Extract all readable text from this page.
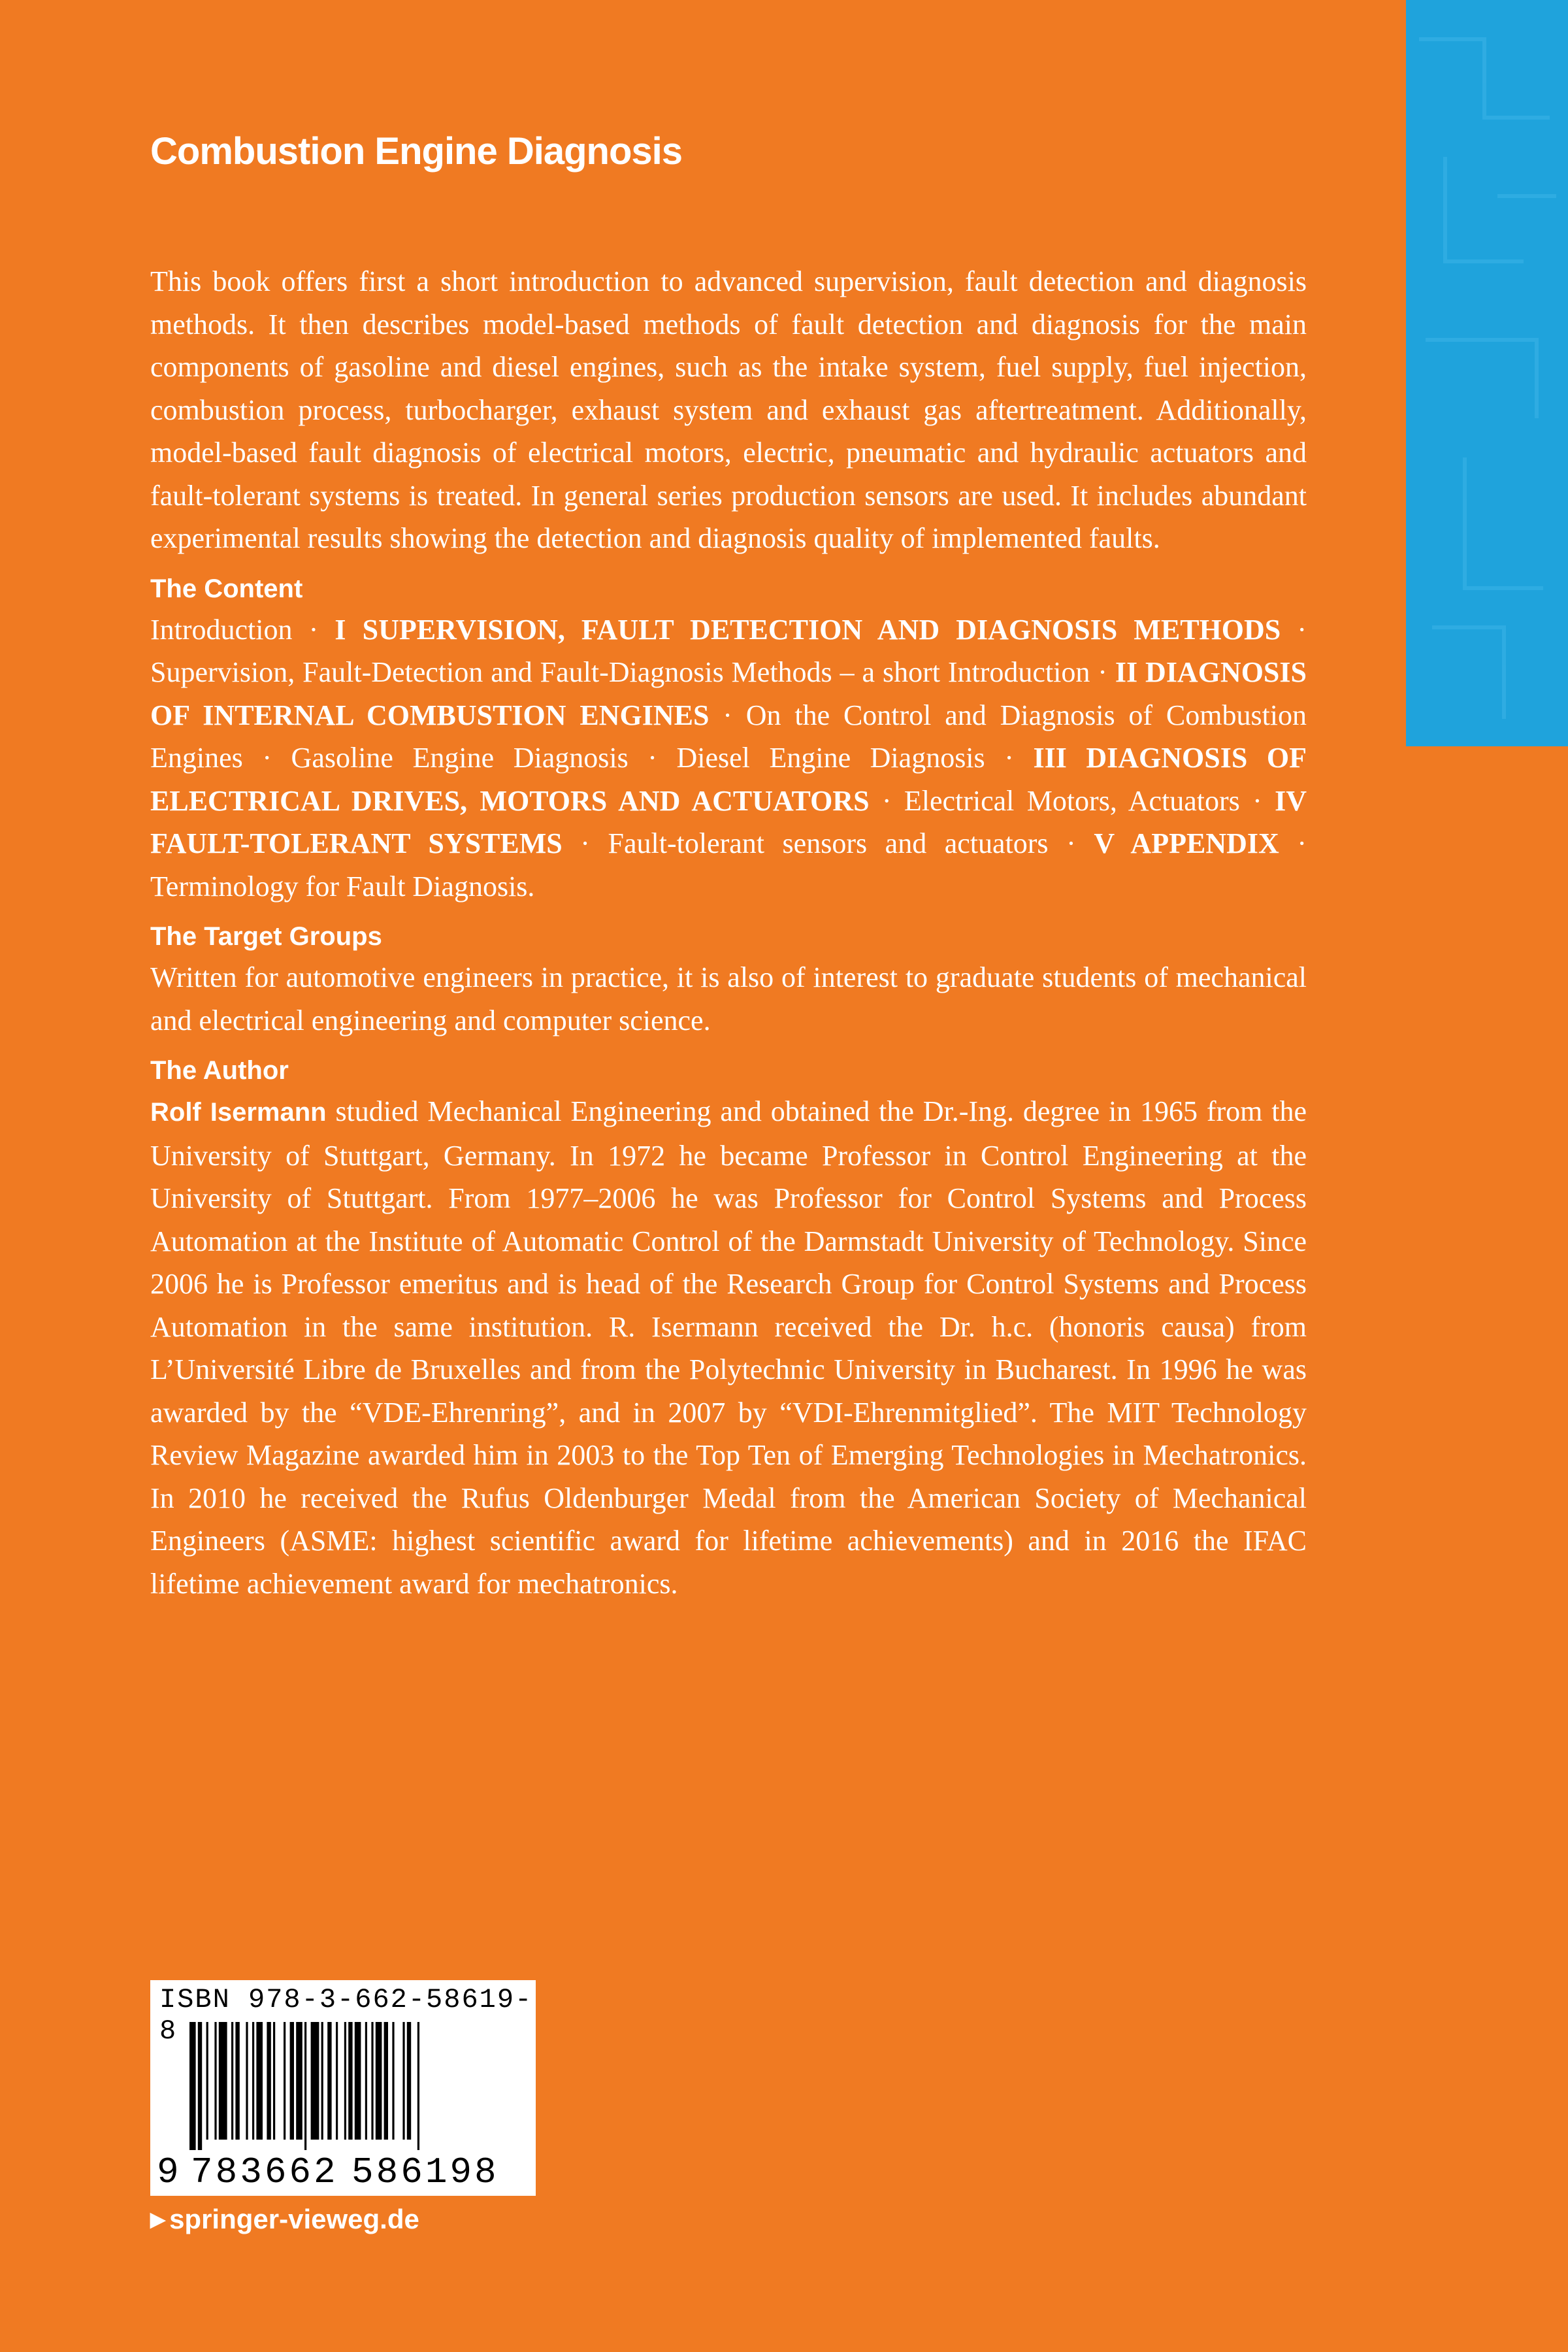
Combustion Engine Diagnosis

This book offers first a short introduction to advanced supervision, fault detection and diagnosis methods. It then describes model-based methods of fault detection and diagnosis for the main components of gasoline and diesel engines, such as the intake system, fuel supply, fuel injection, combustion process, turbocharger, exhaust system and exhaust gas aftertreatment. Additionally, model-based fault diagnosis of electrical motors, electric, pneumatic and hydraulic actuators and fault-tolerant systems is treated. In general series production sensors are used. It includes abundant experimental results showing the detection and diagnosis quality of implemented faults.

The Content

Introduction · I SUPERVISION, FAULT DETECTION AND DIAGNOSIS METHODS · Supervision, Fault-Detection and Fault-Diagnosis Methods – a short Introduction · II DIAGNOSIS OF INTERNAL COMBUSTION ENGINES · On the Control and Diagnosis of Combustion Engines · Gasoline Engine Diagnosis · Diesel Engine Diagnosis · III DIAGNOSIS OF ELECTRICAL DRIVES, MOTORS AND ACTUATORS · Electrical Motors, Actuators · IV FAULT-TOLERANT SYSTEMS · Fault-tolerant sensors and actuators · V APPENDIX · Terminology for Fault Diagnosis.

The Target Groups

Written for automotive engineers in practice, it is also of interest to graduate students of mechanical and electrical engineering and computer science.

The Author

Rolf Isermann studied Mechanical Engineering and obtained the Dr.-Ing. degree in 1965 from the University of Stuttgart, Germany. In 1972 he became Professor in Control Engineering at the University of Stuttgart. From 1977–2006 he was Professor for Control Systems and Process Automation at the Institute of Automatic Control of the Darmstadt University of Technology. Since 2006 he is Professor emeritus and is head of the Research Group for Control Systems and Process Automation in the same institution. R. Isermann received the Dr. h.c. (honoris causa) from L’Université Libre de Bruxelles and from the Polytechnic University in Bucharest. In 1996 he was awarded by the “VDE-Ehrenring”, and in 2007 by “VDI-Ehrenmitglied”. The MIT Technology Review Magazine awarded him in 2003 to the Top Ten of Emerging Technologies in Mechatronics. In 2010 he received the Rufus Oldenburger Medal from the American Society of Mechanical Engineers (ASME: highest scientific award for lifetime achievements) and in 2016 the IFAC lifetime achievement award for mechatronics.

ISBN 978-3-662-58619-8
9 783662 586198
▶ springer-vieweg.de
